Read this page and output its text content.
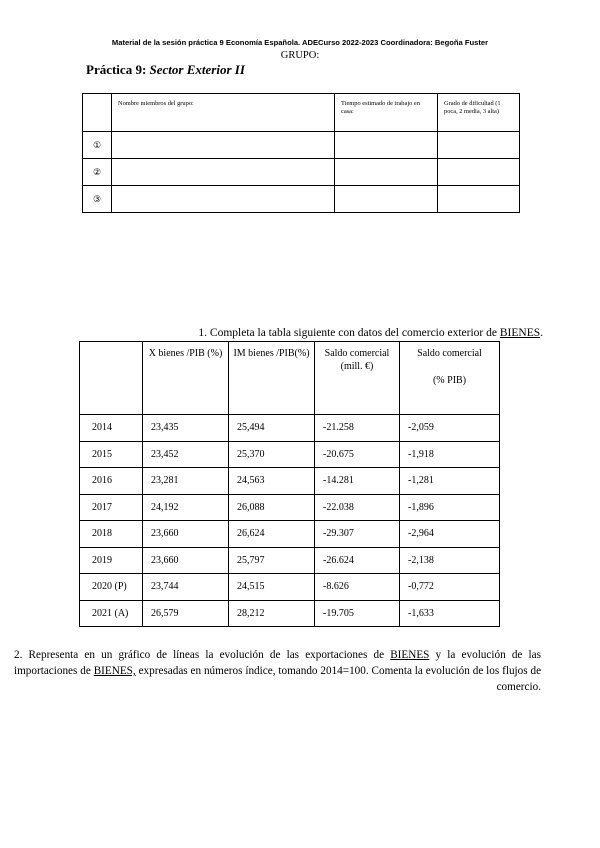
Material de la sesión práctica 9 Economía Española. ADECurso 2022-2023 Coordinadora: Begoña Fuster
GRUPO:
Práctica 9: Sector Exterior II
	Nombre miembros del grupo:	Tiempo estimado de trabajo en casa:	Grado de dificultad (1 poca, 2 media, 3 alta)
①			
②			
③			
1. Completa la tabla siguiente con datos del comercio exterior de BIENES.
	X bienes /PIB (%)	IM bienes /PIB(%)	Saldo comercial (mill. €)	Saldo comercial
(% PIB)

2014	23,435	25,494	-21.258	-2,059
2015	23,452	25,370	-20.675	-1,918
2016	23,281	24,563	-14.281	-1,281
2017	24,192	26,088	-22.038	-1,896
2018	23,660	26,624	-29.307	-2,964
2019	23,660	25,797	-26.624	-2,138
2020 (P)	23,744	24,515	-8.626	-0,772
2021 (A)	26,579	28,212	-19.705	-1,633
2. Representa en un gráfico de líneas la evolución de las exportaciones de BIENES y la evolución de las importaciones de BIENES, expresadas en números índice, tomando 2014=100. Comenta la evolución de los flujos de comercio.
